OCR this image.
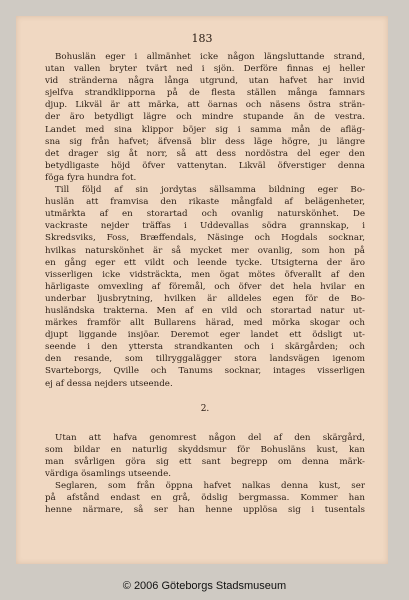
183
Bohuslän eger i allmänhet icke någon längsluttande strand,
utan vallen bryter tvärt ned i sjön. Derföre finnas ej heller
vid stränderna några långa utgrund, utan hafvet har invid
sjelfva strandklipporna på de flesta ställen många famnars
djup. Likväl är att märka, att öarnas och näsens östra strän-
der äro betydligt lägre och mindre stupande än de vestra.
Landet med sina klippor böjer sig i samma mån de afläg-
sna sig från hafvet; äfvensä blir dess läge högre, ju längre
det drager sig åt norr, så att dess nordöstra del eger den
betydligaste höjd öfver vattenytan. Likväl öfverstiger denna
föga fyra hundra fot.
Till följd af sin jordytas sällsamma bildning eger Bo-
huslän att framvisa den rikaste mångfald af belägenheter,
utmärkta af en storartad och ovanlig naturskönhet. De
vackraste nejder träffas i Uddevallas södra grannskap, i
Skredsviks, Foss, Bræffendals, Näsinge och Hogdals socknar,
hvilkas naturskönhet är så mycket mer ovanlig, som hon på
en gång eger ett vildt och leende tycke. Utsigterna der äro
visserligen icke vidsträckta, men ögat mötes öfverallt af den
härligaste omvexling af föremål, och öfver det hela hvilar en
underbar ljusbrytning, hvilken är alldeles egen för de Bo-
husländska trakterna. Men af en vild och storartad natur ut-
märkes framför allt Bullarens härad, med mörka skogar och
djupt liggande insjöar. Deremot eger landet ett ödsligt ut-
seende i den yttersta strandkanten och i skärgården; och
den resande, som tillryggalägger stora landsvägen igenom
Svarteborgs, Qville och Tanums socknar, intages visserligen
ej af dessa nejders utseende.
2.
Utan att hafva genomrest någon del af den skärgård,
som bildar en naturlig skyddsmur för Bohusläns kust, kan
man svårligen göra sig ett sant begrepp om denna märk-
värdiga ösamlings utseende.
Seglaren, som från öppna hafvet nalkas denna kust, ser
på afstånd endast en grå, ödslig bergmassa. Kommer han
henne närmare, så ser han henne upplösa sig i tusentals
© 2006 Göteborgs Stadsmuseum
